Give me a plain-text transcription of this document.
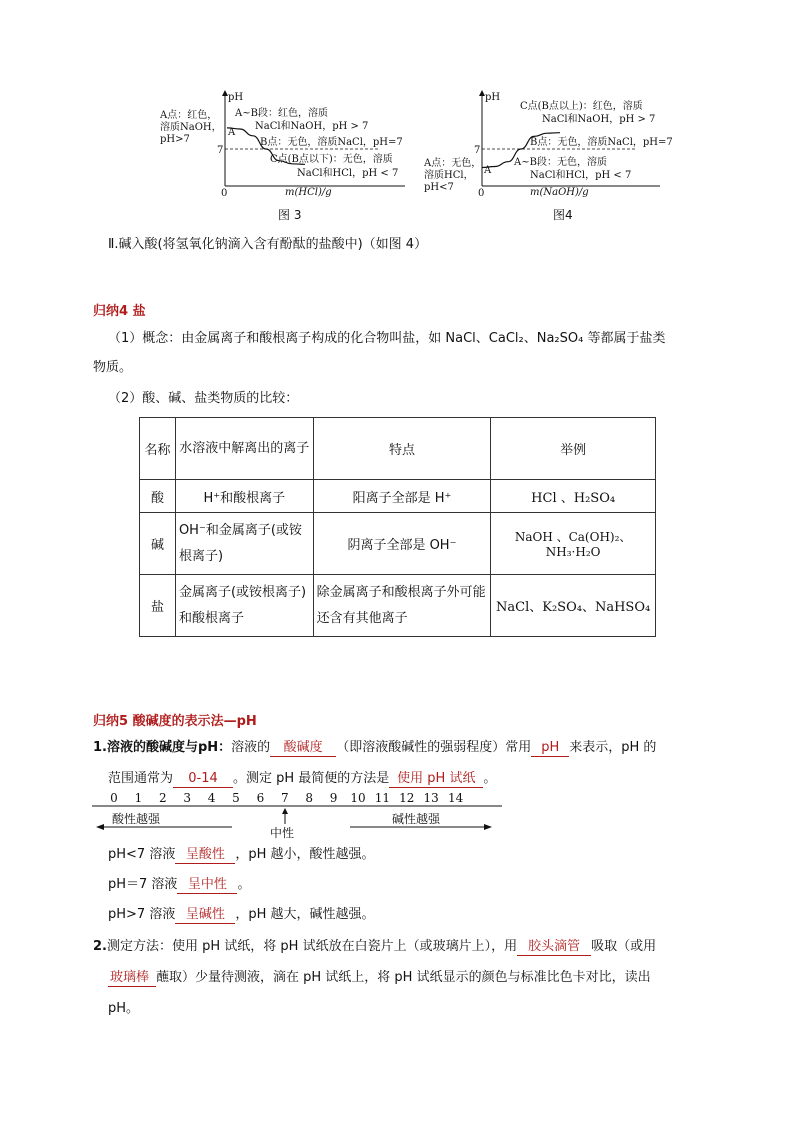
pH
7
0
A
m(HCl)/g
A点：红色，
溶质NaOH，
pH>7
A~B段：红色，溶质
NaCl和NaOH，pH > 7
B点：无色，溶质NaCl，pH=7
C点(B点以下)：无色，溶质
NaCl和HCl，pH < 7
图 3
pH
7
0
A
m(NaOH)/g
C点(B点以上)：红色，溶质
NaCl和NaOH，pH > 7
B点：无色，溶质NaCl，pH=7
A点：无色，
溶质HCl，
pH<7
A~B段：无色，溶质
NaCl和HCl，pH < 7
图4
Ⅱ.碱入酸(将氢氧化钠滴入含有酚酞的盐酸中)（如图 4）
归纳4 盐
（1）概念：由金属离子和酸根离子构成的化合物叫盐，如 NaCl、CaCl₂、Na₂SO₄ 等都属于盐类
物质。
（2）酸、碱、盐类物质的比较：
名称	水溶液中解离出的离子	特点	举例
酸	H⁺和酸根离子	阳离子全部是 H⁺	HCl 、H₂SO₄
碱	OH⁻和金属离子(或铵根离子)	阴离子全部是 OH⁻	NaOH 、Ca(OH)₂、NH₃·H₂O
盐	金属离子(或铵根离子)和酸根离子	除金属离子和酸根离子外可能还含有其他离子	NaCl、K₂SO₄、NaHSO₄
归纳5 酸碱度的表示法—pH
1.溶液的酸碱度与pH：溶液的 酸碱度 （即溶液酸碱性的强弱程度）常用 pH 来表示，pH 的
范围通常为 0-14 。测定 pH 最简便的方法是 使用 pH 试纸 。
0 1 2 3 4 5 6 7 8 9 10 11 12 13 14
酸性越强
中性
碱性越强
pH<7 溶液 呈酸性 ，pH 越小，酸性越强。
pH＝7 溶液 呈中性 。
pH>7 溶液 呈碱性 ，pH 越大，碱性越强。
2.测定方法：使用 pH 试纸，将 pH 试纸放在白瓷片上（或玻璃片上），用 胶头滴管 吸取（或用
玻璃棒 蘸取）少量待测液，滴在 pH 试纸上，将 pH 试纸显示的颜色与标准比色卡对比，读出
pH。
